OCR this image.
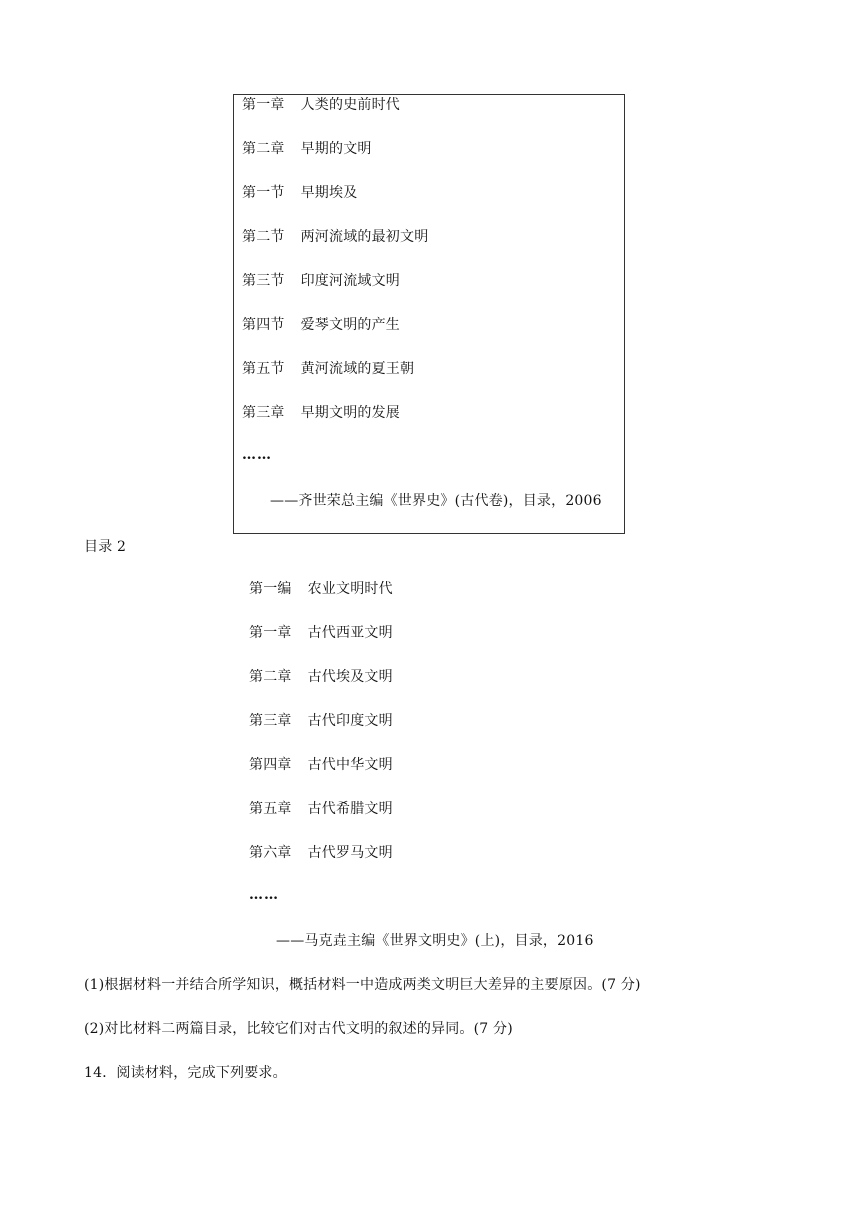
第一章 人类的史前时代
第二章 早期的文明
第一节 早期埃及
第二节 两河流域的最初文明
第三节 印度河流域文明
第四节 爱琴文明的产生
第五节 黄河流域的夏王朝
第三章 早期文明的发展
……
——齐世荣总主编《世界史》(古代卷)，目录，2006
目录 2
第一编 农业文明时代
第一章 古代西亚文明
第二章 古代埃及文明
第三章 古代印度文明
第四章 古代中华文明
第五章 古代希腊文明
第六章 古代罗马文明
……
——马克垚主编《世界文明史》(上)，目录，2016
(1)根据材料一并结合所学知识，概括材料一中造成两类文明巨大差异的主要原因。(7 分)
(2)对比材料二两篇目录，比较它们对古代文明的叙述的异同。(7 分)
14．阅读材料，完成下列要求。
